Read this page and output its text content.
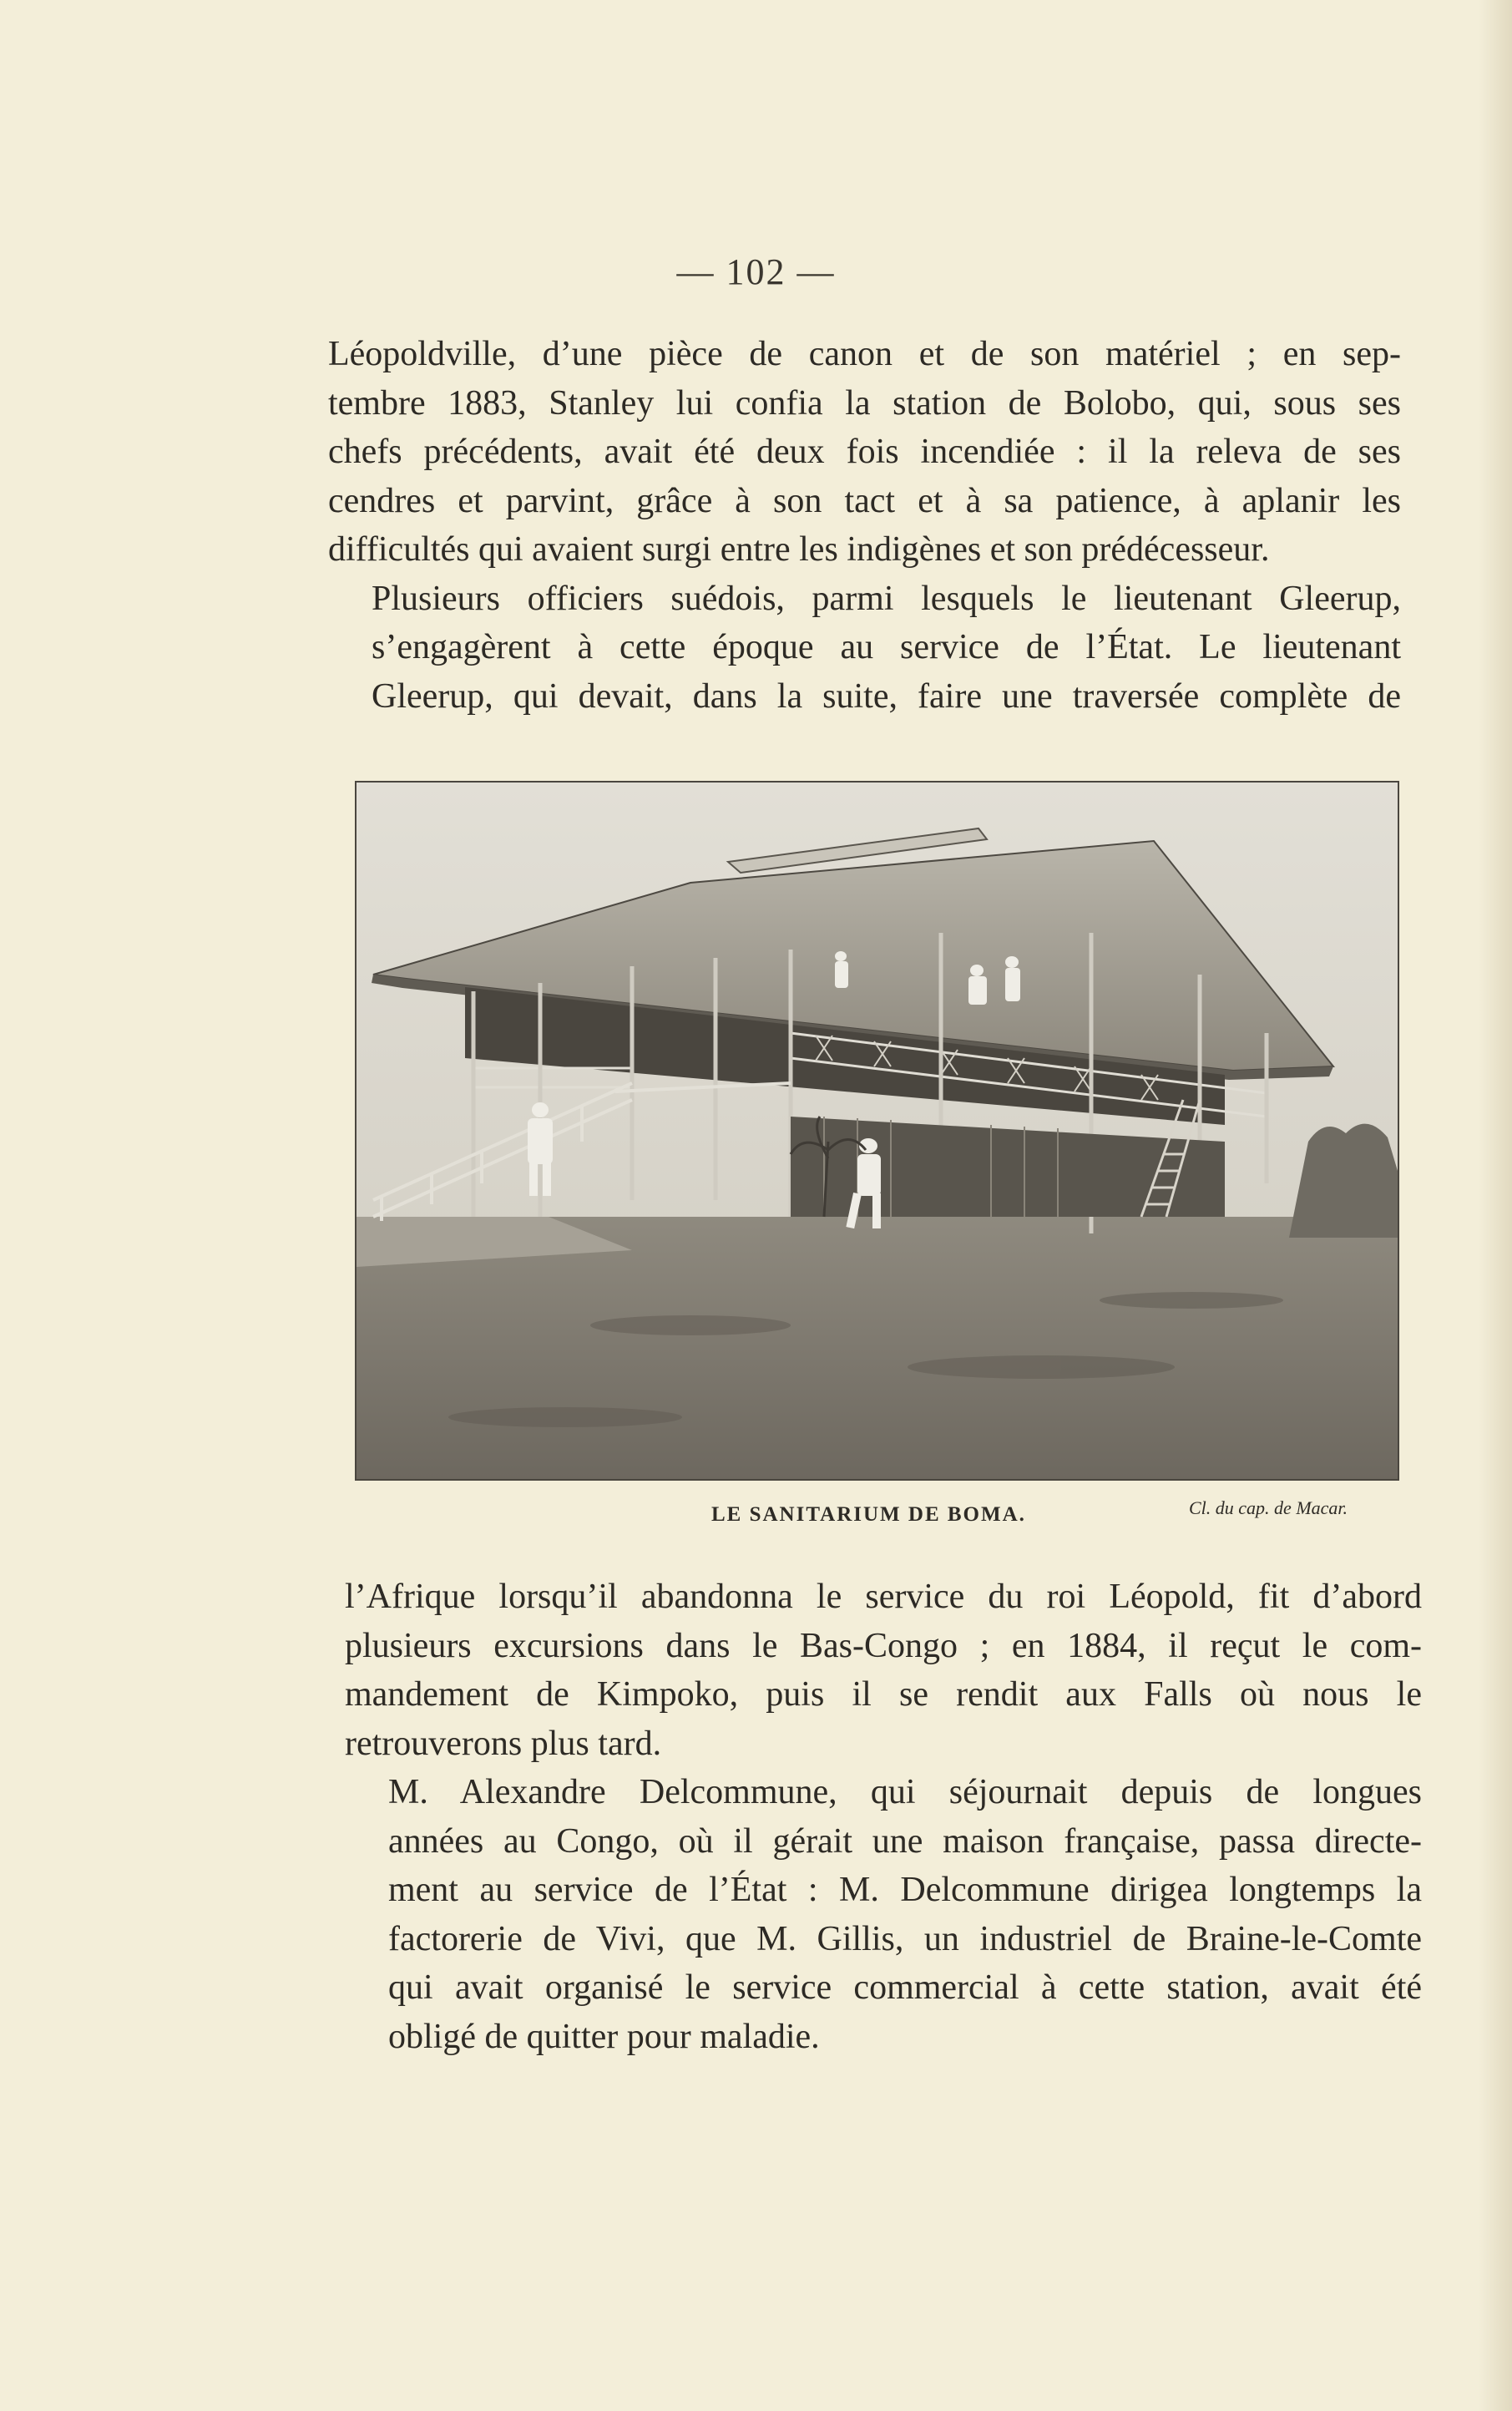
— 102 —

Léopoldville, d’une pièce de canon et de son matériel ; en sep-
tembre 1883, Stanley lui confia la station de Bolobo, qui, sous ses
chefs précédents, avait été deux fois incendiée : il la releva de ses
cendres et parvint, grâce à son tact et à sa patience, à aplanir les
difficultés qui avaient surgi entre les indigènes et son prédécesseur.

Plusieurs officiers suédois, parmi lesquels le lieutenant Gleerup,
s’engagèrent à cette époque au service de l’État. Le lieutenant
Gleerup, qui devait, dans la suite, faire une traversée complète de

LE SANITARIUM DE BOMA.	Cl. du cap. de Macar.

l’Afrique lorsqu’il abandonna le service du roi Léopold, fit d’abord
plusieurs excursions dans le Bas-Congo ; en 1884, il reçut le com-
mandement de Kimpoko, puis il se rendit aux Falls où nous le
retrouverons plus tard.

M. Alexandre Delcommune, qui séjournait depuis de longues
années au Congo, où il gérait une maison française, passa directe-
ment au service de l’État : M. Delcommune dirigea longtemps la
factorerie de Vivi, que M. Gillis, un industriel de Braine-le-Comte
qui avait organisé le service commercial à cette station, avait été
obligé de quitter pour maladie.
